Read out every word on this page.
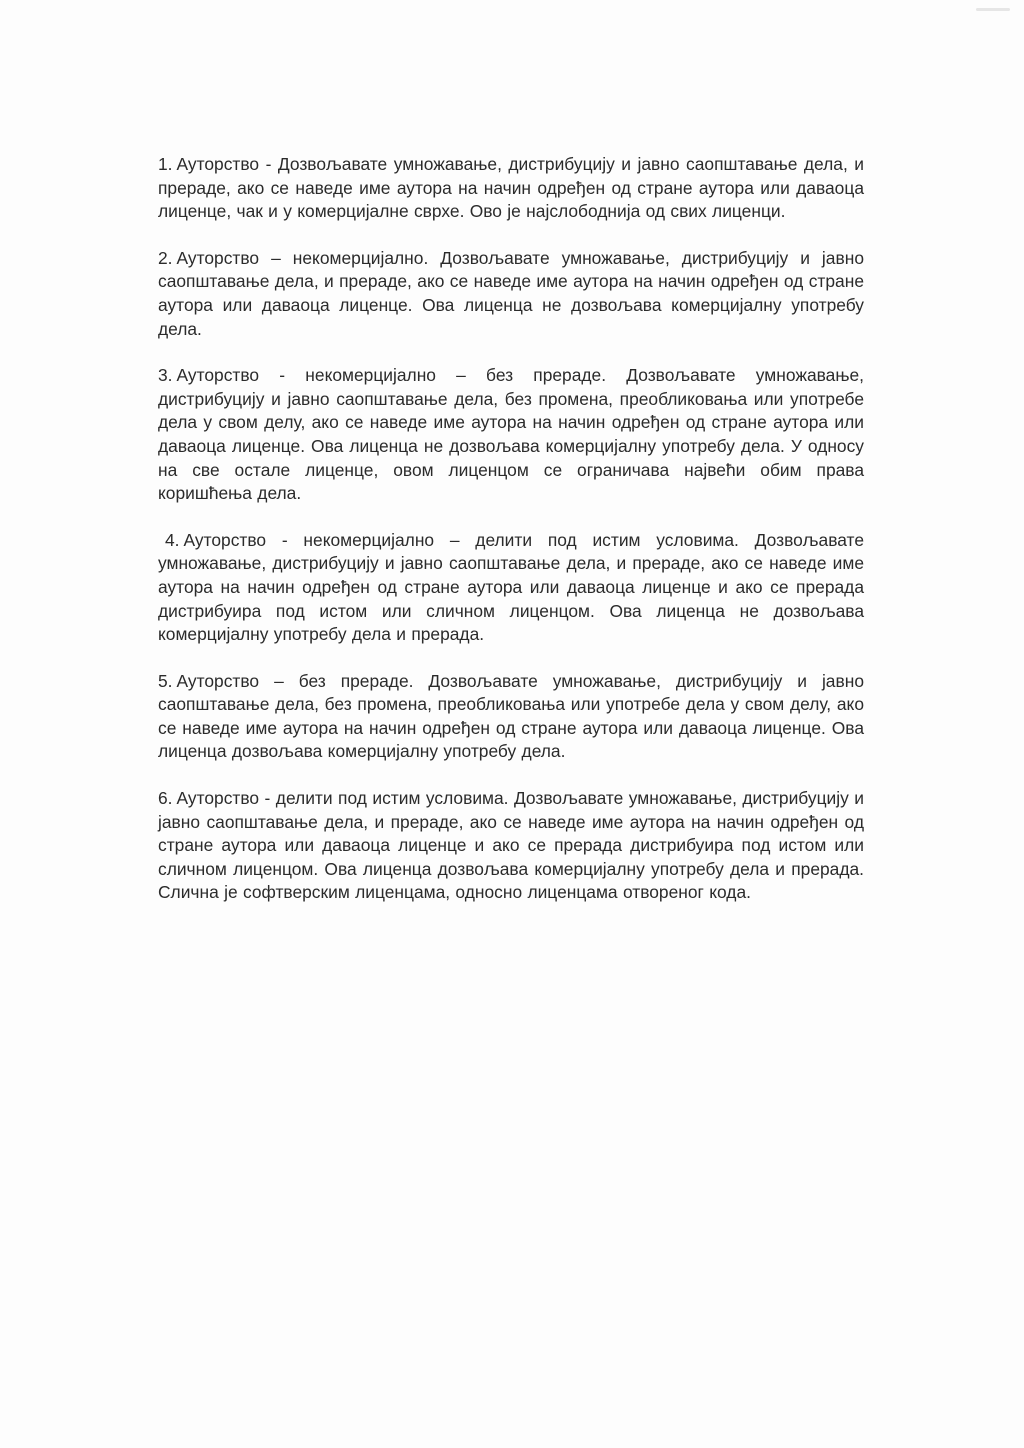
1. Ауторство - Дозвољавате умножавање, дистрибуцију и јавно саопштавање дела, и прераде, ако се наведе име аутора на начин одређен од стране аутора или даваоца лиценце, чак и у комерцијалне сврхе. Ово је најслободнија од свих лиценци.

2. Ауторство – некомерцијално. Дозвољавате умножавање, дистрибуцију и јавно саопштавање дела, и прераде, ако се наведе име аутора на начин одређен од стране аутора или даваоца лиценце. Ова лиценца не дозвољава комерцијалну употребу дела.

3. Ауторство - некомерцијално – без прераде. Дозвољавате умножавање, дистрибуцију и јавно саопштавање дела, без промена, преобликовања или употребе дела у свом делу, ако се наведе име аутора на начин одређен од стране аутора или даваоца лиценце. Ова лиценца не дозвољава комерцијалну употребу дела. У односу на све остале лиценце, овом лиценцом се ограничава највећи обим права коришћења дела.

4. Ауторство - некомерцијално – делити под истим условима. Дозвољавате умножавање, дистрибуцију и јавно саопштавање дела, и прераде, ако се наведе име аутора на начин одређен од стране аутора или даваоца лиценце и ако се прерада дистрибуира под истом или сличном лиценцом. Ова лиценца не дозвољава комерцијалну употребу дела и прерада.

5. Ауторство – без прераде. Дозвољавате умножавање, дистрибуцију и јавно саопштавање дела, без промена, преобликовања или употребе дела у свом делу, ако се наведе име аутора на начин одређен од стране аутора или даваоца лиценце. Ова лиценца дозвољава комерцијалну употребу дела.

6. Ауторство - делити под истим условима. Дозвољавате умножавање, дистрибуцију и јавно саопштавање дела, и прераде, ако се наведе име аутора на начин одређен од стране аутора или даваоца лиценце и ако се прерада дистрибуира под истом или сличном лиценцом. Ова лиценца дозвољава комерцијалну употребу дела и прерада. Слична је софтверским лиценцама, односно лиценцама отвореног кода.
